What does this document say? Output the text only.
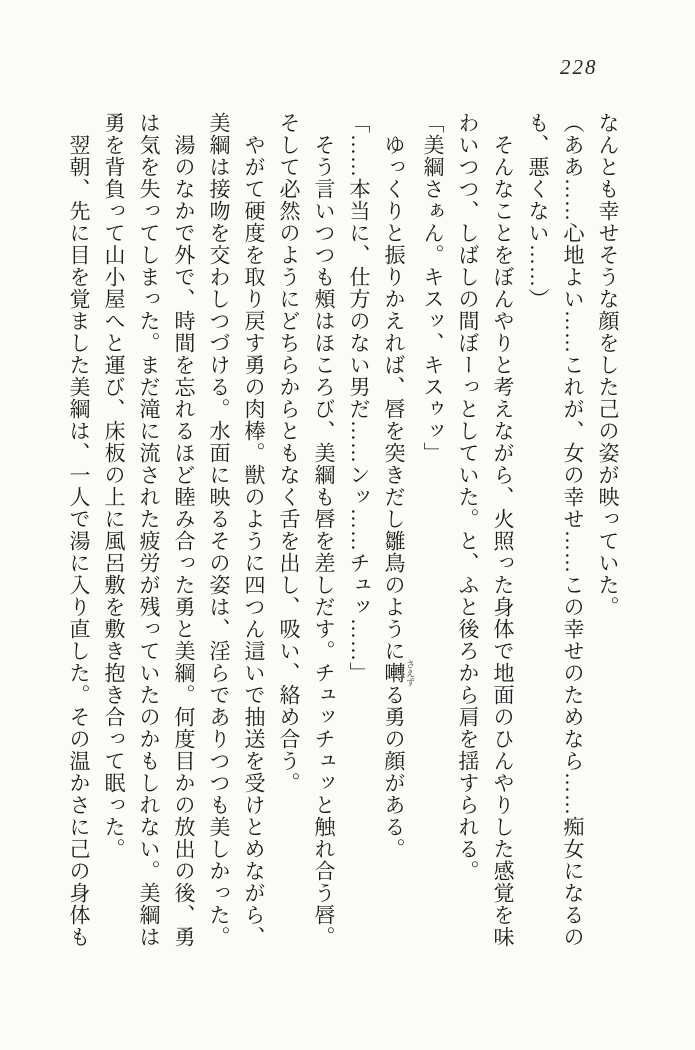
228
なんとも幸せそうな顔をした己の姿が映っていた。
（ああ……心地よい……これが、女の幸せ……この幸せのためなら……痴女になるの
も、悪くない……）
そんなことをぼんやりと考えながら、火照った身体で地面のひんやりした感覚を味
わいつつ、しばしの間ぼーっとしていた。と、ふと後ろから肩を揺すられる。
「美綱さぁん。キスッ、キスゥッ」
ゆっくりと振りかえれば、唇を突きだし雛鳥のように囀 さえずる勇の顔がある。
「……本当に、仕方のない男だ……ンッ……チュッ……」
そう言いつつも頰はほころび、美綱も唇を差しだす。チュッチュッと触れ合う唇。
そして必然のようにどちらからともなく舌を出し、吸い、絡め合う。
やがて硬度を取り戻す勇の肉棒。獣のように四つん這いで抽送を受けとめながら、
美綱は接吻を交わしつづける。水面に映るその姿は、淫らでありつつも美しかった。
湯のなかで外で、時間を忘れるほど睦み合った勇と美綱。何度目かの放出の後、勇
は気を失ってしまった。まだ滝に流された疲労が残っていたのかもしれない。美綱は
勇を背負って山小屋へと運び、床板の上に風呂敷を敷き抱き合って眠った。
翌朝、先に目を覚ました美綱は、一人で湯に入り直した。その温かさに己の身体も
